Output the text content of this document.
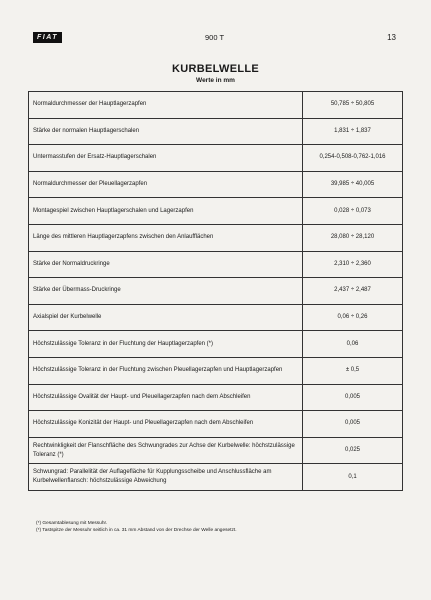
FIAT	900 T	13
KURBELWELLE
Werte in mm
Normaldurchmesser der Hauptlagerzapfen	50,785 ÷ 50,805
Stärke der normalen Hauptlagerschalen	1,831 ÷ 1,837
Untermasstufen der Ersatz-Hauptlagerschalen	0,254-0,508-0,762-1,016
Normaldurchmesser der Pleuellagerzapfen	39,985 ÷ 40,005
Montagespiel zwischen Hauptlagerschalen und Lagerzapfen	0,028 ÷ 0,073
Länge des mittleren Hauptlagerzapfens zwischen den Anlaufflächen	28,080 ÷ 28,120
Stärke der Normaldruckringe	2,310 ÷ 2,360
Stärke der Übermass-Druckringe	2,437 ÷ 2,487
Axialspiel der Kurbelwelle	0,06 ÷ 0,26
Höchstzulässige Toleranz in der Fluchtung der Hauptlagerzapfen (*)	0,06
Höchstzulässige Toleranz in der Fluchtung zwischen Pleuellagerzapfen und Hauptlagerzapfen	± 0,5
Höchstzulässige Ovalität der Haupt- und Pleuellagerzapfen nach dem Abschleifen	0,005
Höchstzulässige Konizität der Haupt- und Pleuellagerzapfen nach dem Abschleifen	0,005
Rechtwinkligkeit der Flanschfläche des Schwungrades zur Achse der Kurbelwelle: höchstzulässige Toleranz (*)	0,025
Schwungrad: Parallelität der Auflagefläche für Kupplungsscheibe und Anschlussfläche am Kurbelwellenflansch: höchstzulässige Abweichung	0,1
(*) Gesamtablesung mit Messuhr.
(*) Tastspitze der Messuhr seitlich in ca. 31 mm Abstand von der Drechse der Welle angesetzt.
